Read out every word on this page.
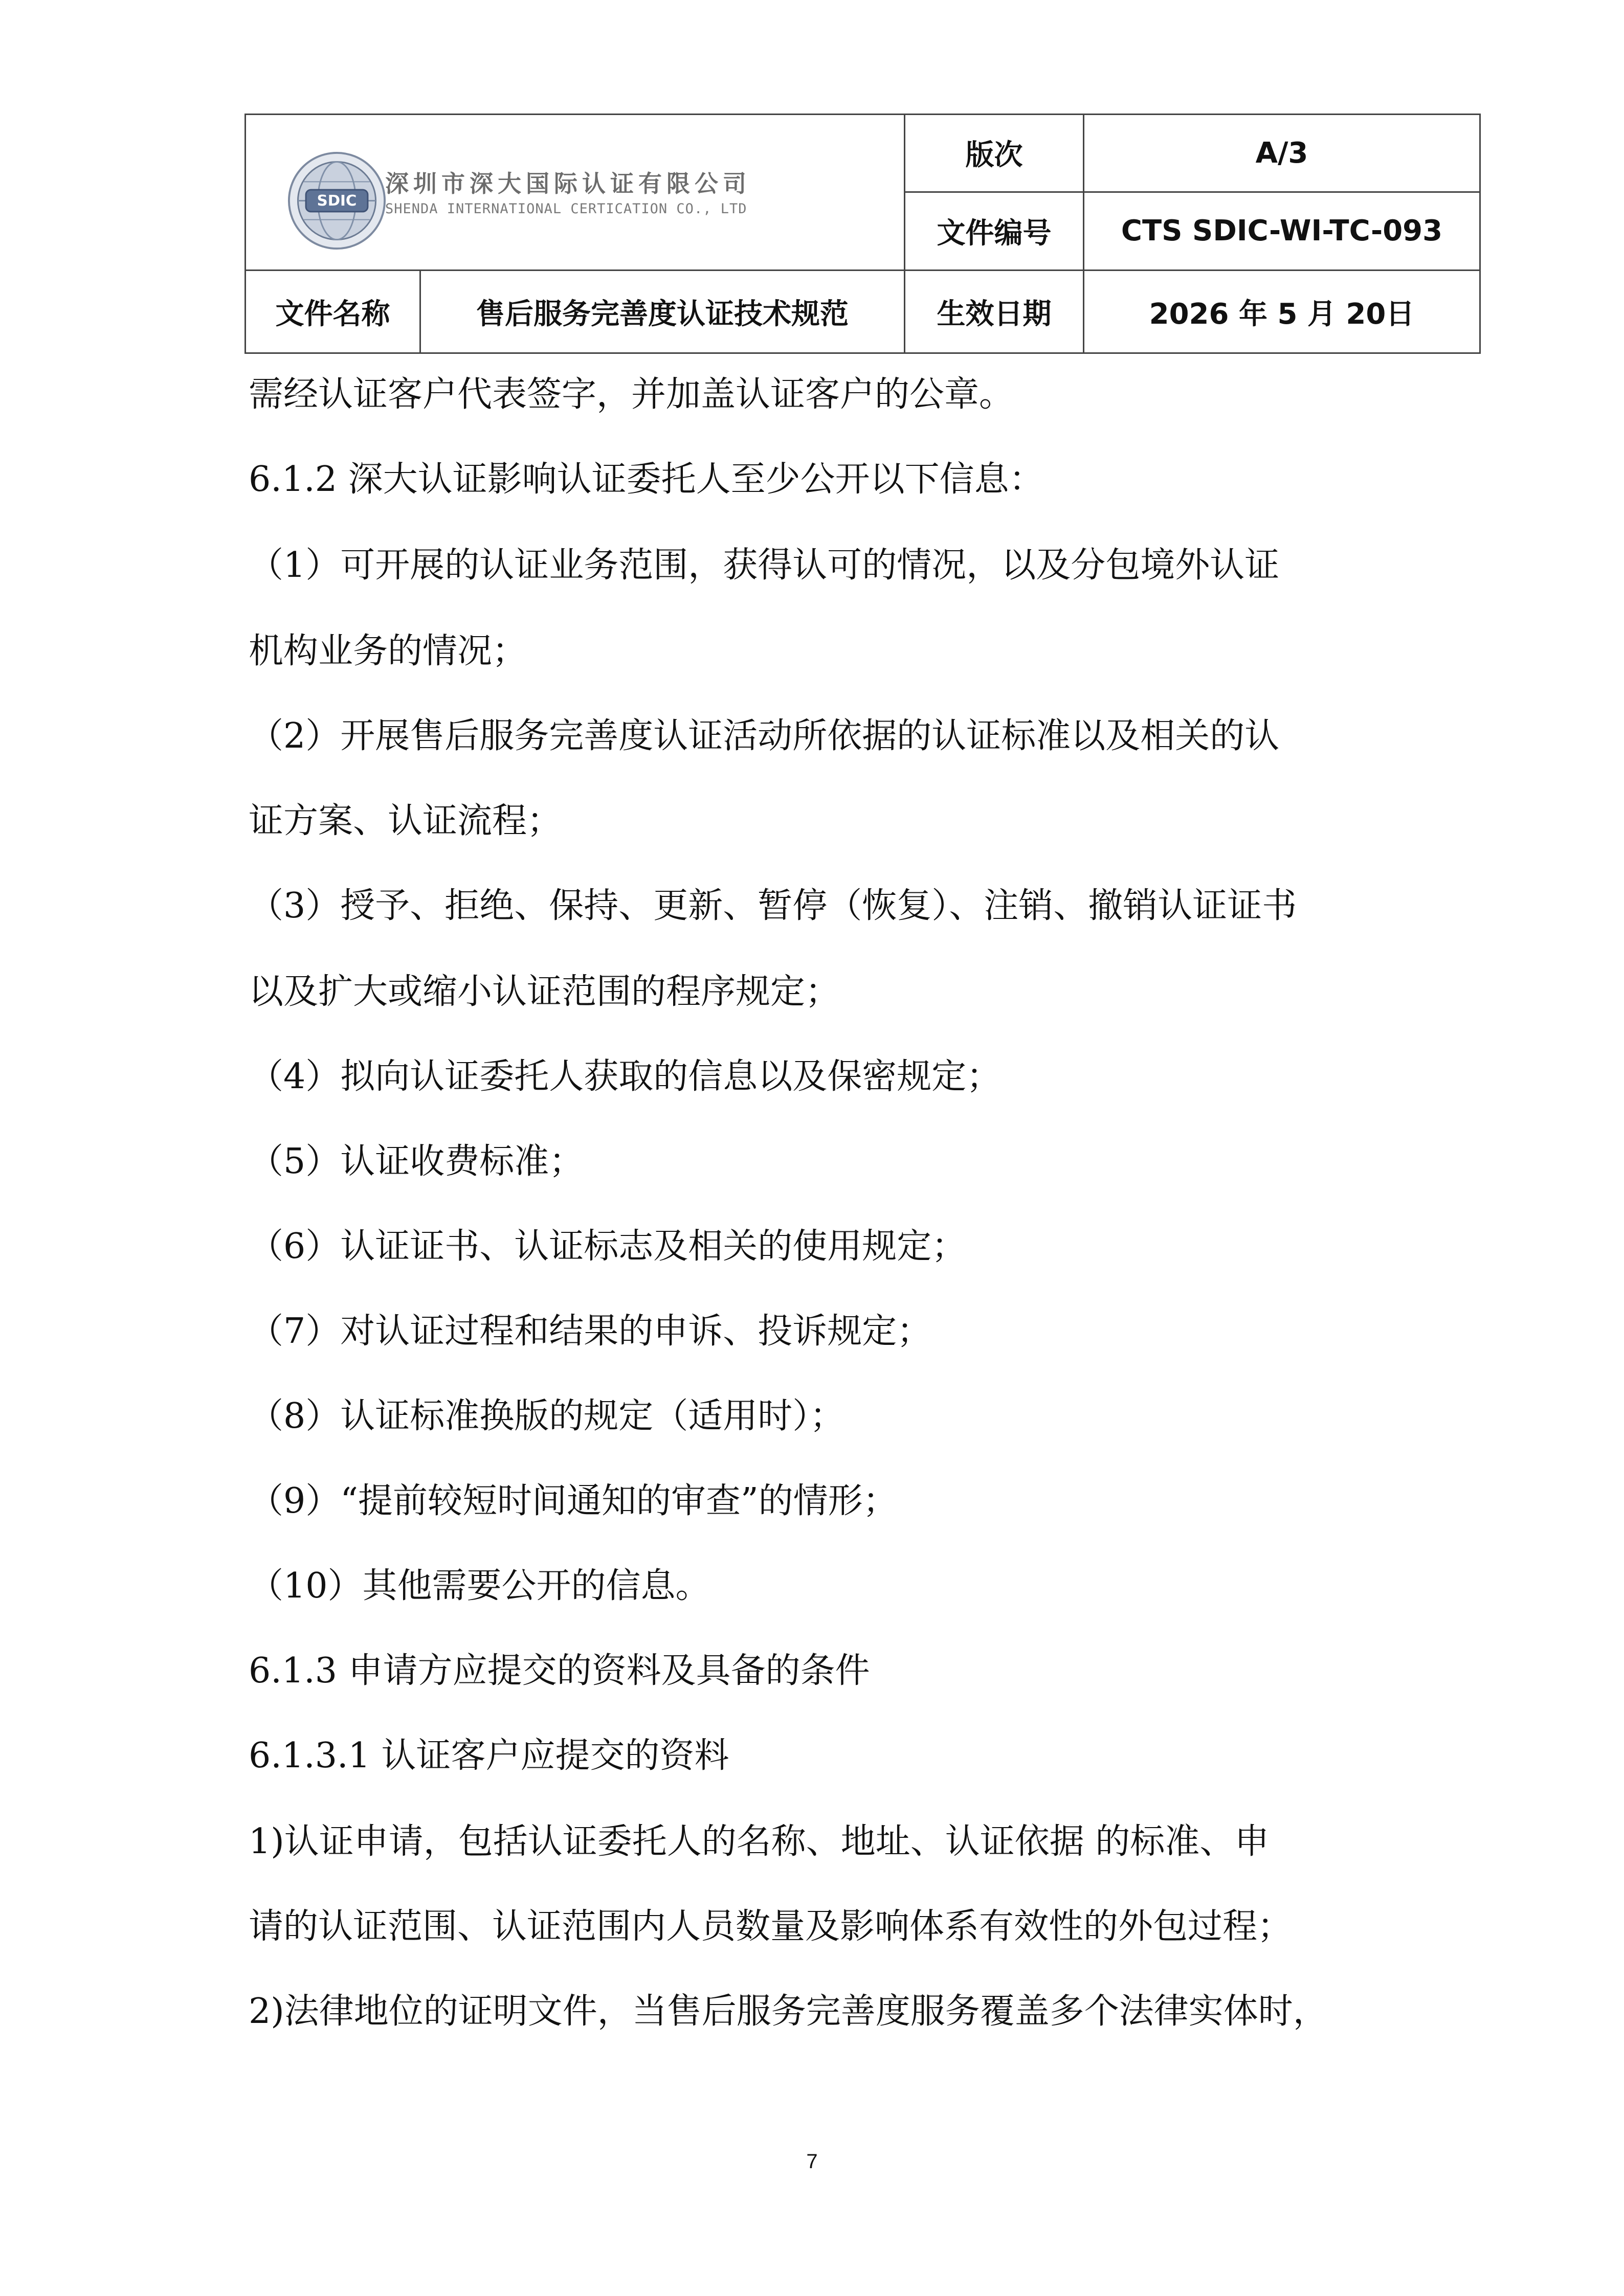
SDIC
深圳市深大国际认证有限公司
SHENDA INTERNATIONAL CERTICATION CO., LTD		版次	A/3
		文件编号	CTS SDIC-WI-TC-093
文件名称	售后服务完善度认证技术规范	生效日期	2026 年 5 月 20日
需经认证客户代表签字，并加盖认证客户的公章。
6.1.2 深大认证影响认证委托人至少公开以下信息：
（1）可开展的认证业务范围，获得认可的情况，以及分包境外认证
机构业务的情况；
（2）开展售后服务完善度认证活动所依据的认证标准以及相关的认
证方案、认证流程；
（3）授予、拒绝、保持、更新、暂停（恢复）、注销、撤销认证证书
以及扩大或缩小认证范围的程序规定；
（4）拟向认证委托人获取的信息以及保密规定；
（5）认证收费标准；
（6）认证证书、认证标志及相关的使用规定；
（7）对认证过程和结果的申诉、投诉规定；
（8）认证标准换版的规定（适用时）；
（9）“提前较短时间通知的审查”的情形；
（10）其他需要公开的信息。
6.1.3 申请方应提交的资料及具备的条件
6.1.3.1 认证客户应提交的资料
1)认证申请，包括认证委托人的名称、地址、认证依据 的标准、申
请的认证范围、认证范围内人员数量及影响体系有效性的外包过程；
2)法律地位的证明文件，当售后服务完善度服务覆盖多个法律实体时，
7
